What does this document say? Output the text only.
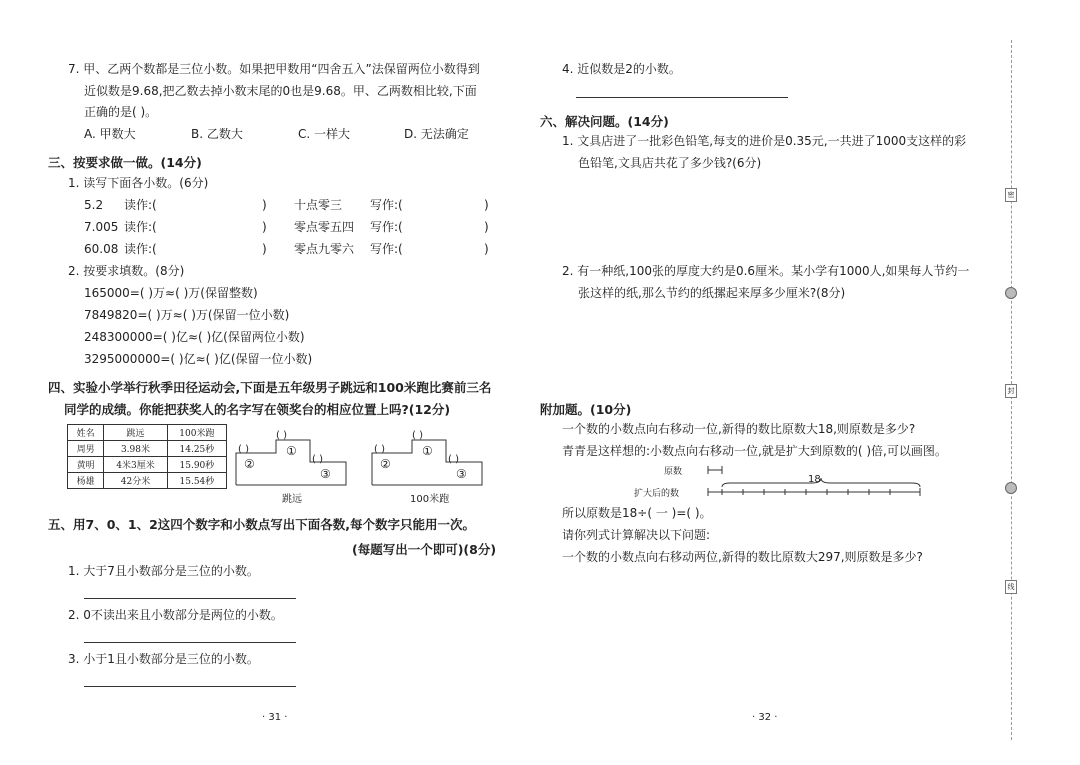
7. 甲、乙两个数都是三位小数。如果把甲数用“四舍五入”法保留两位小数得到
近似数是9.68,把乙数去掉小数末尾的0也是9.68。甲、乙两数相比较,下面
正确的是( )。
A. 甲数大	B. 乙数大	C. 一样大	D. 无法确定
三、按要求做一做。(14分)
1. 读写下面各小数。(6分)
5.2 读作:(	) 十点零三 写作:(	)
7.005 读作:(	) 零点零五四 写作:(	)
60.08 读作:(	) 零点九零六 写作:(	)
2. 按要求填数。(8分)
165000=( )万≈( )万(保留整数)
7849820=( )万≈( )万(保留一位小数)
248300000=( )亿≈( )亿(保留两位小数)
3295000000=( )亿≈( )亿(保留一位小数)
四、实验小学举行秋季田径运动会,下面是五年级男子跳远和100米跑比赛前三名
同学的成绩。你能把获奖人的名字写在领奖台的相应位置上吗?(12分)
姓名	跳远	100米跑
周男	3.98米	14.25秒
黄明	4米3厘米	15.90秒
杨雄	42分米	15.54秒
( )
( )
( )
①
②
③
跳远
( )
( )
( )
①
②
③
100米跑
五、用7、0、1、2这四个数字和小数点写出下面各数,每个数字只能用一次。
(每题写出一个即可)(8分)
1. 大于7且小数部分是三位的小数。
2. 0不读出来且小数部分是两位的小数。
3. 小于1且小数部分是三位的小数。
· 31 ·
4. 近似数是2的小数。
六、解决问题。(14分)
1. 文具店进了一批彩色铅笔,每支的进价是0.35元,一共进了1000支这样的彩
色铅笔,文具店共花了多少钱?(6分)
2. 有一种纸,100张的厚度大约是0.6厘米。某小学有1000人,如果每人节约一
张这样的纸,那么节约的纸摞起来厚多少厘米?(8分)
附加题。(10分)
一个数的小数点向右移动一位,新得的数比原数大18,则原数是多少?
青青是这样想的:小数点向右移动一位,就是扩大到原数的( )倍,可以画图。
原数
扩大后的数
18
所以原数是18÷( 一 )=( )。
请你列式计算解决以下问题:
一个数的小数点向右移动两位,新得的数比原数大297,则原数是多少?
· 32 ·
密
封
线
